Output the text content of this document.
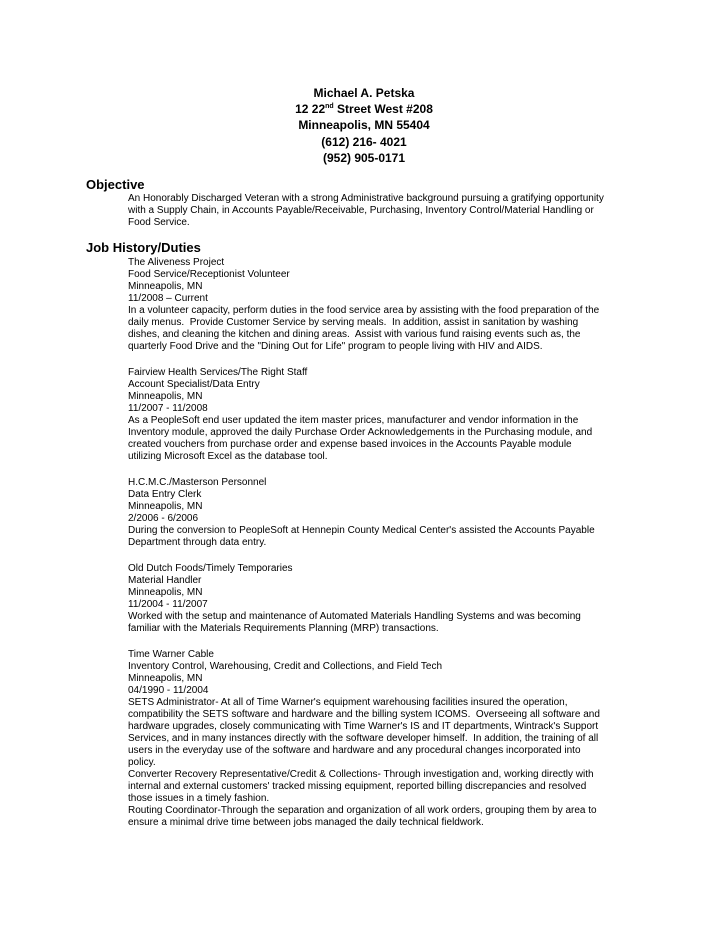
Michael A. Petska
12 22nd Street West #208
Minneapolis, MN 55404
(612) 216- 4021
(952) 905-0171
Objective
An Honorably Discharged Veteran with a strong Administrative background pursuing a gratifying opportunity
with a Supply Chain, in Accounts Payable/Receivable, Purchasing, Inventory Control/Material Handling or
Food Service.
Job History/Duties
The Aliveness Project
Food Service/Receptionist Volunteer
Minneapolis, MN
11/2008 – Current
In a volunteer capacity, perform duties in the food service area by assisting with the food preparation of the
daily menus.  Provide Customer Service by serving meals.  In addition, assist in sanitation by washing
dishes, and cleaning the kitchen and dining areas.  Assist with various fund raising events such as, the
quarterly Food Drive and the "Dining Out for Life" program to people living with HIV and AIDS.
Fairview Health Services/The Right Staff
Account Specialist/Data Entry
Minneapolis, MN
11/2007 - 11/2008
As a PeopleSoft end user updated the item master prices, manufacturer and vendor information in the
Inventory module, approved the daily Purchase Order Acknowledgements in the Purchasing module, and
created vouchers from purchase order and expense based invoices in the Accounts Payable module
utilizing Microsoft Excel as the database tool.
H.C.M.C./Masterson Personnel
Data Entry Clerk
Minneapolis, MN
2/2006 - 6/2006
During the conversion to PeopleSoft at Hennepin County Medical Center's assisted the Accounts Payable
Department through data entry.
Old Dutch Foods/Timely Temporaries
Material Handler
Minneapolis, MN
11/2004 - 11/2007
Worked with the setup and maintenance of Automated Materials Handling Systems and was becoming
familiar with the Materials Requirements Planning (MRP) transactions.
Time Warner Cable
Inventory Control, Warehousing, Credit and Collections, and Field Tech
Minneapolis, MN
04/1990 - 11/2004
SETS Administrator- At all of Time Warner's equipment warehousing facilities insured the operation,
compatibility the SETS software and hardware and the billing system ICOMS.  Overseeing all software and
hardware upgrades, closely communicating with Time Warner's IS and IT departments, Wintrack's Support
Services, and in many instances directly with the software developer himself.  In addition, the training of all
users in the everyday use of the software and hardware and any procedural changes incorporated into
policy.
Converter Recovery Representative/Credit & Collections- Through investigation and, working directly with
internal and external customers' tracked missing equipment, reported billing discrepancies and resolved
those issues in a timely fashion.
Routing Coordinator-Through the separation and organization of all work orders, grouping them by area to
ensure a minimal drive time between jobs managed the daily technical fieldwork.
